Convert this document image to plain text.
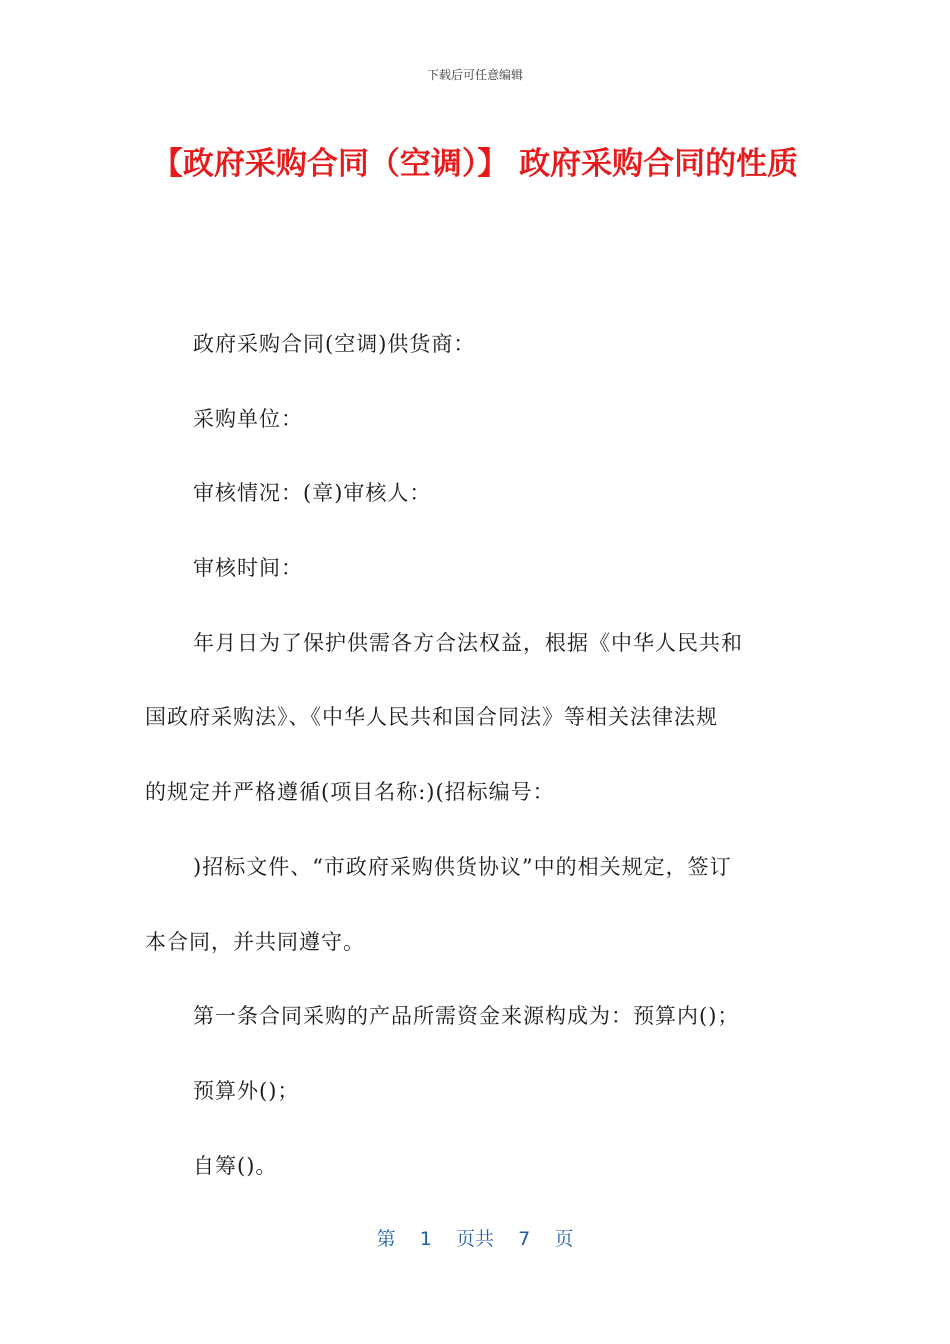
下载后可任意编辑
【政府采购合同（空调）】 政府采购合同的性质

政府采购合同(空调)供货商：

采购单位：

审核情况：(章)审核人：

审核时间：

年月日为了保护供需各方合法权益，根据《中华人民共和

国政府采购法》、《中华人民共和国合同法》等相关法律法规

的规定并严格遵循(项目名称:)(招标编号：

)招标文件、“市政府采购供货协议”中的相关规定，签订

本合同，并共同遵守。

第一条合同采购的产品所需资金来源构成为：预算内()；

预算外()；

自筹()。

第 1 页共 7 页
